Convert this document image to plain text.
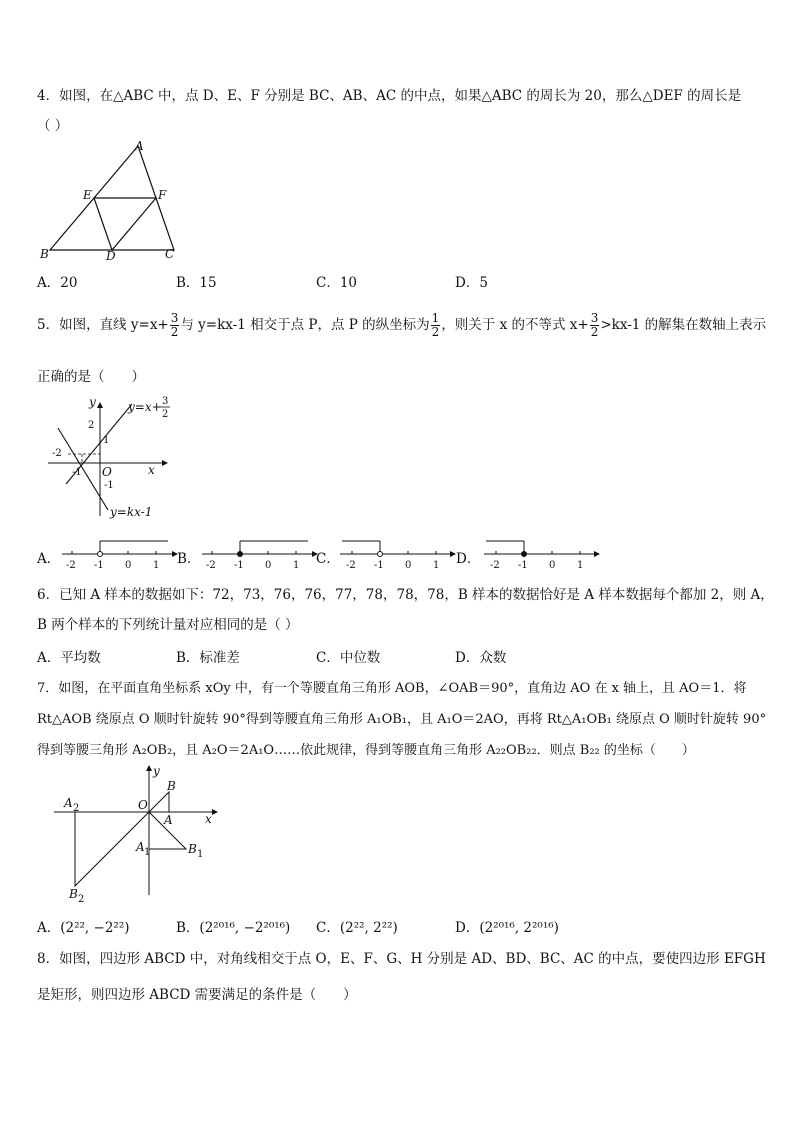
4．如图，在△ABC 中，点 D、E、F 分别是 BC、AB、AC 的中点，如果△ABC 的周长为 20，那么△DEF 的周长是
（ ）
A
B	C
D
E	F
A．20	B．15	C．10	D．5
5．如图，直线 $y=x+ \frac{3}{2}$ 与 y=kx-1 相交于点 P，点 P 的纵坐标为 $\frac{1}{2}$ ，则关于 x 的不等式 $x+ \frac{3}{2} >kx-1$ 的解集在数轴上表示
正确的是（　　）
y
x
O
y=x+ 3
2
y=kx-1
2
1
-2
-1
-1
A． -2 -1 0 1 B． -2 -1 0 1 C． -2 -1 0 1 D． -2 -1 0 1
6．已知 A 样本的数据如下：72，73，76，76，77，78，78，78，B 样本的数据恰好是 A 样本数据每个都加 2，则 A，
B 两个样本的下列统计量对应相同的是（ ）
A．平均数	B．标准差	C．中位数	D．众数
7．如图，在平面直角坐标系 xOy 中，有一个等腰直角三角形 AOB，∠OAB＝90°，直角边 AO 在 x 轴上，且 AO＝1．将
Rt△AOB 绕原点 O 顺时针旋转 90°得到等腰直角三角形 A₁OB₁，且 A₁O＝2AO，再将 Rt△A₁OB₁ 绕原点 O 顺时针旋转 90°
得到等腰三角形 A₂OB₂，且 A₂O＝2A₁O……依此规律，得到等腰直角三角形 A₂₂OB₂₂．则点 B₂₂ 的坐标（　　）
y
x
O
A
B
A 1	B 1
A 2
B 2
A．(2²², −2²²)	B．(2²⁰¹⁶, −2²⁰¹⁶) C．(2²², 2²²)	D．(2²⁰¹⁶, 2²⁰¹⁶)
8．如图，四边形 ABCD 中，对角线相交于点 O，E、F、G、H 分别是 AD、BD、BC、AC 的中点，要使四边形 EFGH
是矩形，则四边形 ABCD 需要满足的条件是（　　）
